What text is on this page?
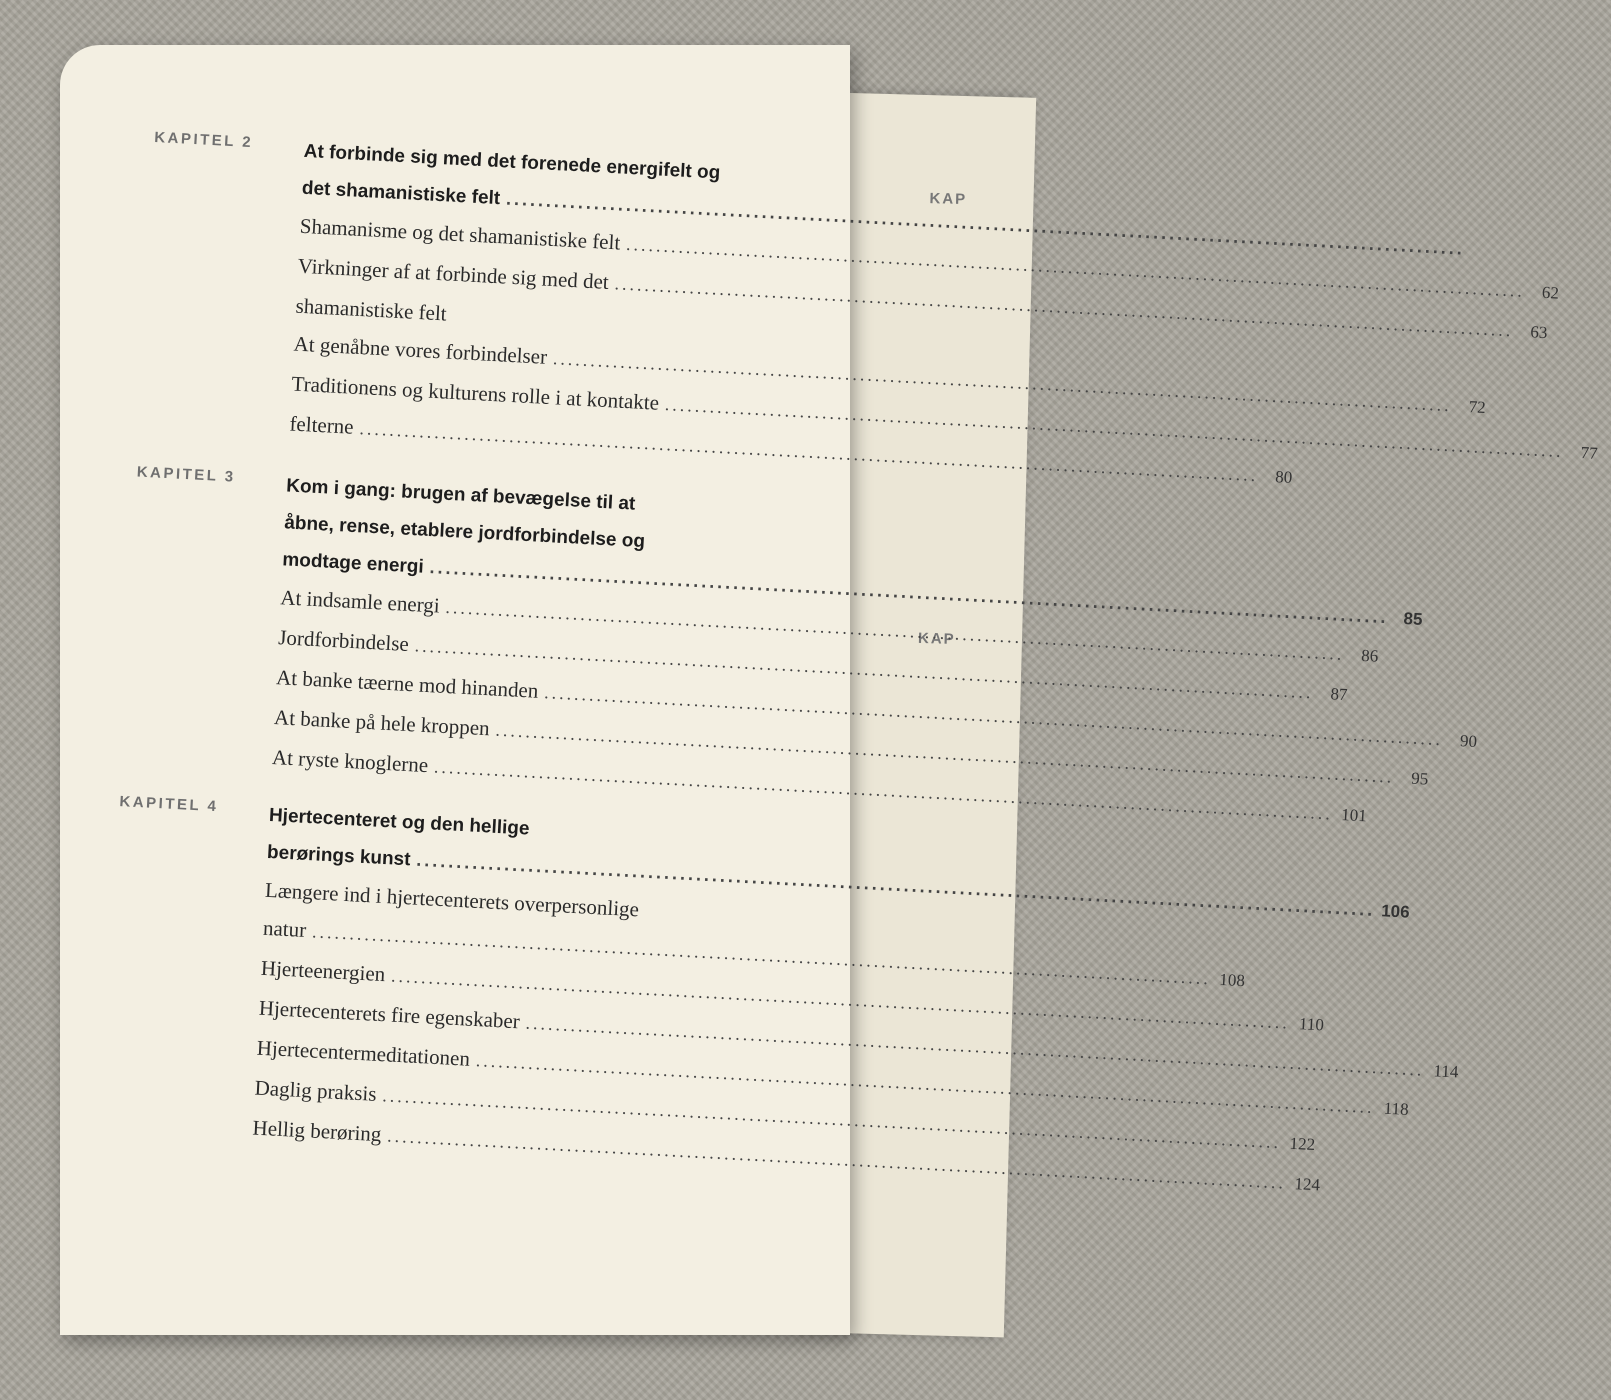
KAP
KAP
KAPITEL 2
At forbinde sig med det forenede energifelt og
det shamanistiske felt
.....
Shamanisme og det shamanistiske felt
.....
62
Virkninger af at forbinde sig med det
.....
63
shamanistiske felt
At genåbne vores forbindelser
.....
72
Traditionens og kulturens rolle i at kontakte
.....
77
felterne
.....
80
KAPITEL 3
Kom i gang: brugen af bevægelse til at
åbne, rense, etablere jordforbindelse og
modtage energi
.....
85
At indsamle energi
.....
86
Jordforbindelse
.....
87
At banke tæerne mod hinanden
.....
90
At banke på hele kroppen
.....
95
At ryste knoglerne
.....
101
KAPITEL 4
Hjertecenteret og den hellige
berørings kunst
.....
106
Længere ind i hjertecenterets overpersonlige
natur
.....
108
Hjerteenergien
.....
110
Hjertecenterets fire egenskaber
.....
114
Hjertecentermeditationen
.....
118
Daglig praksis
.....
122
Hellig berøring
.....
124
